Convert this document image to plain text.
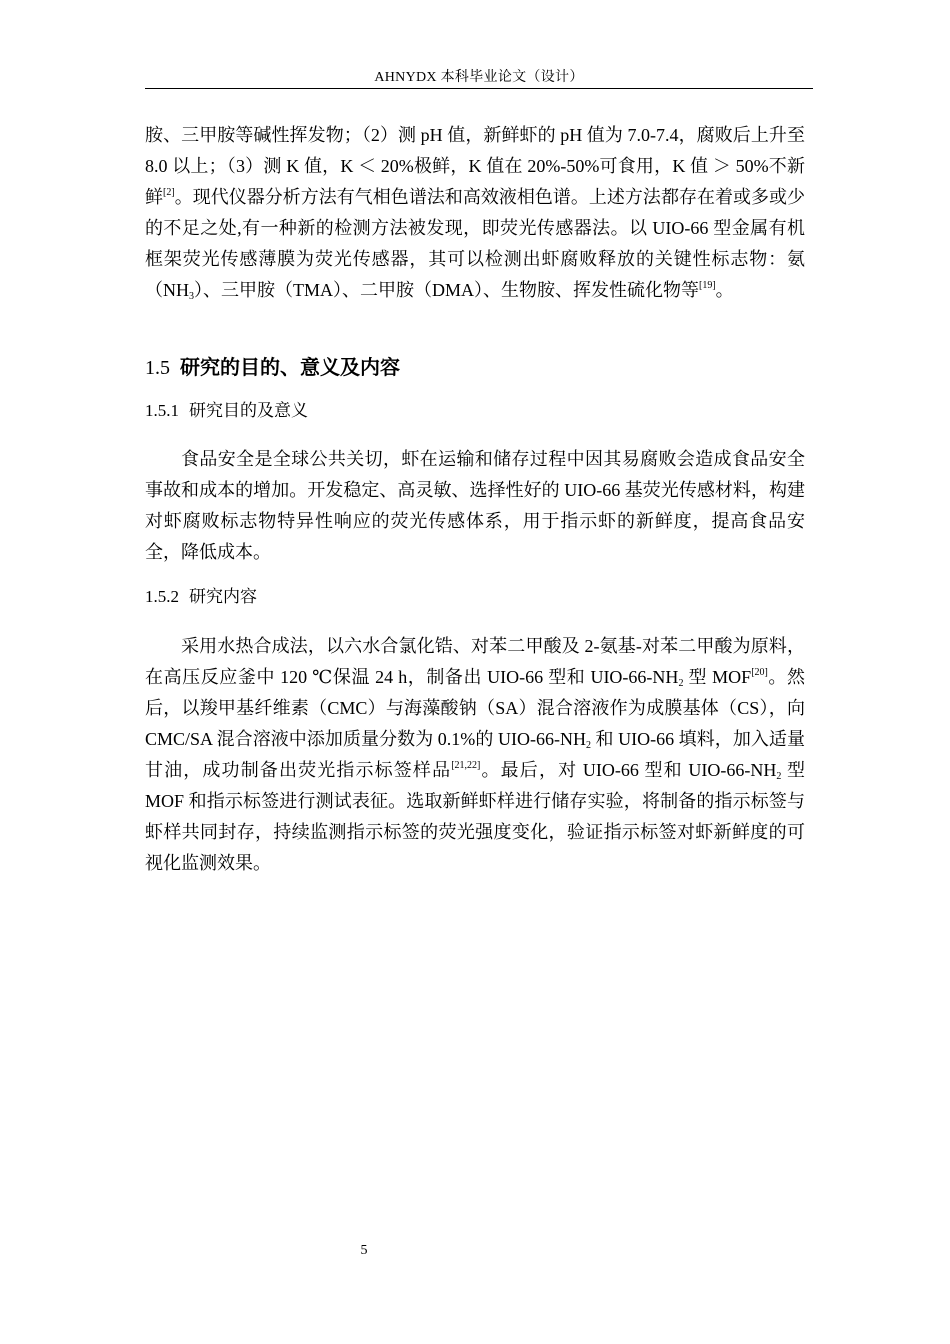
AHNYDX 本科毕业论文（设计）

胺、三甲胺等碱性挥发物；（2）测 pH 值，新鲜虾的 pH 值为 7.0-7.4，腐败后上升至 8.0 以上；（3）测 K 值，K ＜ 20%极鲜，K 值在 20%-50%可食用，K 值 ＞ 50%不新鲜[2]。现代仪器分析方法有气相色谱法和高效液相色谱。上述方法都存在着或多或少的不足之处,有一种新的检测方法被发现，即荧光传感器法。以 UIO-66 型金属有机框架荧光传感薄膜为荧光传感器，其可以检测出虾腐败释放的关键性标志物：氨$(NH_3)$、三甲胺（TMA）、二甲胺（DMA）、生物胺、挥发性硫化物等[19]。

1.5 研究的目的、意义及内容
1.5.1 研究目的及意义

食品安全是全球公共关切，虾在运输和储存过程中因其易腐败会造成食品安全事故和成本的增加。开发稳定、高灵敏、选择性好的 UIO-66 基荧光传感材料，构建对虾腐败标志物特异性响应的荧光传感体系，用于指示虾的新鲜度，提高食品安全，降低成本。

1.5.2 研究内容

采用水热合成法，以六水合氯化锆、对苯二甲酸及 2-氨基-对苯二甲酸为原料，在高压反应釜中 120 ℃保温 24 h，制备出 UIO-66 型和 UIO-$66-NH_2$ 型 MOF[20]。然后，以羧甲基纤维素（CMC）与海藻酸钠（SA）混合溶液作为成膜基体（CS），向 CMC/SA 混合溶液中添加质量分数为 0.1%的 UIO-$66-NH_2$ 和 UIO-66 填料，加入适量甘油，成功制备出荧光指示标签样品[21,22]。最后，对 UIO-66 型和 UIO-$66-NH_2$ 型 MOF 和指示标签进行测试表征。选取新鲜虾样进行储存实验，将制备的指示标签与虾样共同封存，持续监测指示标签的荧光强度变化，验证指示标签对虾新鲜度的可视化监测效果。

5
